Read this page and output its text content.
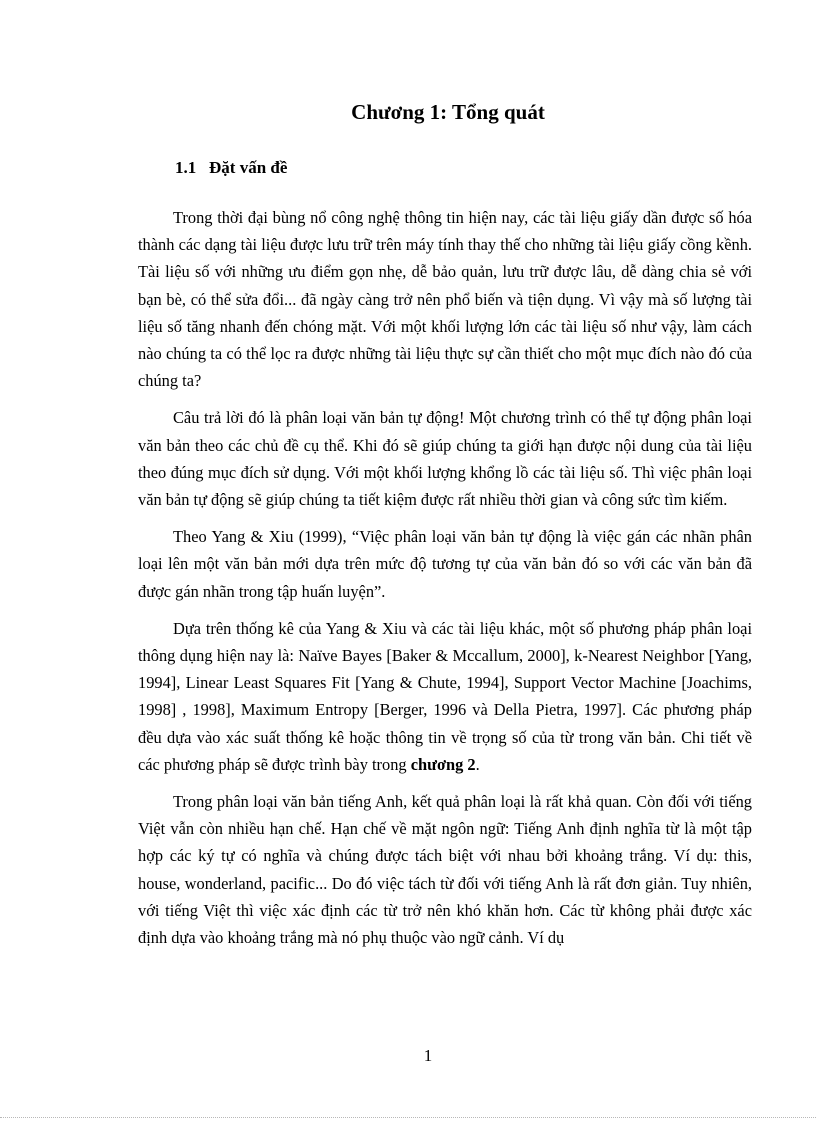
Chương 1: Tổng quát
1.1 Đặt vấn đề

Trong thời đại bùng nổ công nghệ thông tin hiện nay, các tài liệu giấy dần được số hóa thành các dạng tài liệu được lưu trữ trên máy tính thay thế cho những tài liệu giấy cồng kềnh. Tài liệu số với những ưu điểm gọn nhẹ, dễ bảo quản, lưu trữ được lâu, dễ dàng chia sẻ với bạn bè, có thể sửa đổi... đã ngày càng trở nên phổ biến và tiện dụng. Vì vậy mà số lượng tài liệu số tăng nhanh đến chóng mặt. Với một khối lượng lớn các tài liệu số như vậy, làm cách nào chúng ta có thể lọc ra được những tài liệu thực sự cần thiết cho một mục đích nào đó của chúng ta?

Câu trả lời đó là phân loại văn bản tự động! Một chương trình có thể tự động phân loại văn bản theo các chủ đề cụ thể. Khi đó sẽ giúp chúng ta giới hạn được nội dung của tài liệu theo đúng mục đích sử dụng. Với một khối lượng khổng lồ các tài liệu số. Thì việc phân loại văn bản tự động sẽ giúp chúng ta tiết kiệm được rất nhiều thời gian và công sức tìm kiếm.

Theo Yang & Xiu (1999), “Việc phân loại văn bản tự động là việc gán các nhãn phân loại lên một văn bản mới dựa trên mức độ tương tự của văn bản đó so với các văn bản đã được gán nhãn trong tập huấn luyện”.

Dựa trên thống kê của Yang & Xiu và các tài liệu khác, một số phương pháp phân loại thông dụng hiện nay là: Naïve Bayes [Baker & Mccallum, 2000], k-Nearest Neighbor [Yang, 1994], Linear Least Squares Fit [Yang & Chute, 1994], Support Vector Machine [Joachims, 1998] , 1998], Maximum Entropy [Berger, 1996 và Della Pietra, 1997]. Các phương pháp đều dựa vào xác suất thống kê hoặc thông tin về trọng số của từ trong văn bản. Chi tiết về các phương pháp sẽ được trình bày trong chương 2.

Trong phân loại văn bản tiếng Anh, kết quả phân loại là rất khả quan. Còn đối với tiếng Việt vẫn còn nhiều hạn chế. Hạn chế về mặt ngôn ngữ: Tiếng Anh định nghĩa từ là một tập hợp các ký tự có nghĩa và chúng được tách biệt với nhau bởi khoảng trắng. Ví dụ: this, house, wonderland, pacific... Do đó việc tách từ đối với tiếng Anh là rất đơn giản. Tuy nhiên, với tiếng Việt thì việc xác định các từ trở nên khó khăn hơn. Các từ không phải được xác định dựa vào khoảng trắng mà nó phụ thuộc vào ngữ cảnh. Ví dụ

1
